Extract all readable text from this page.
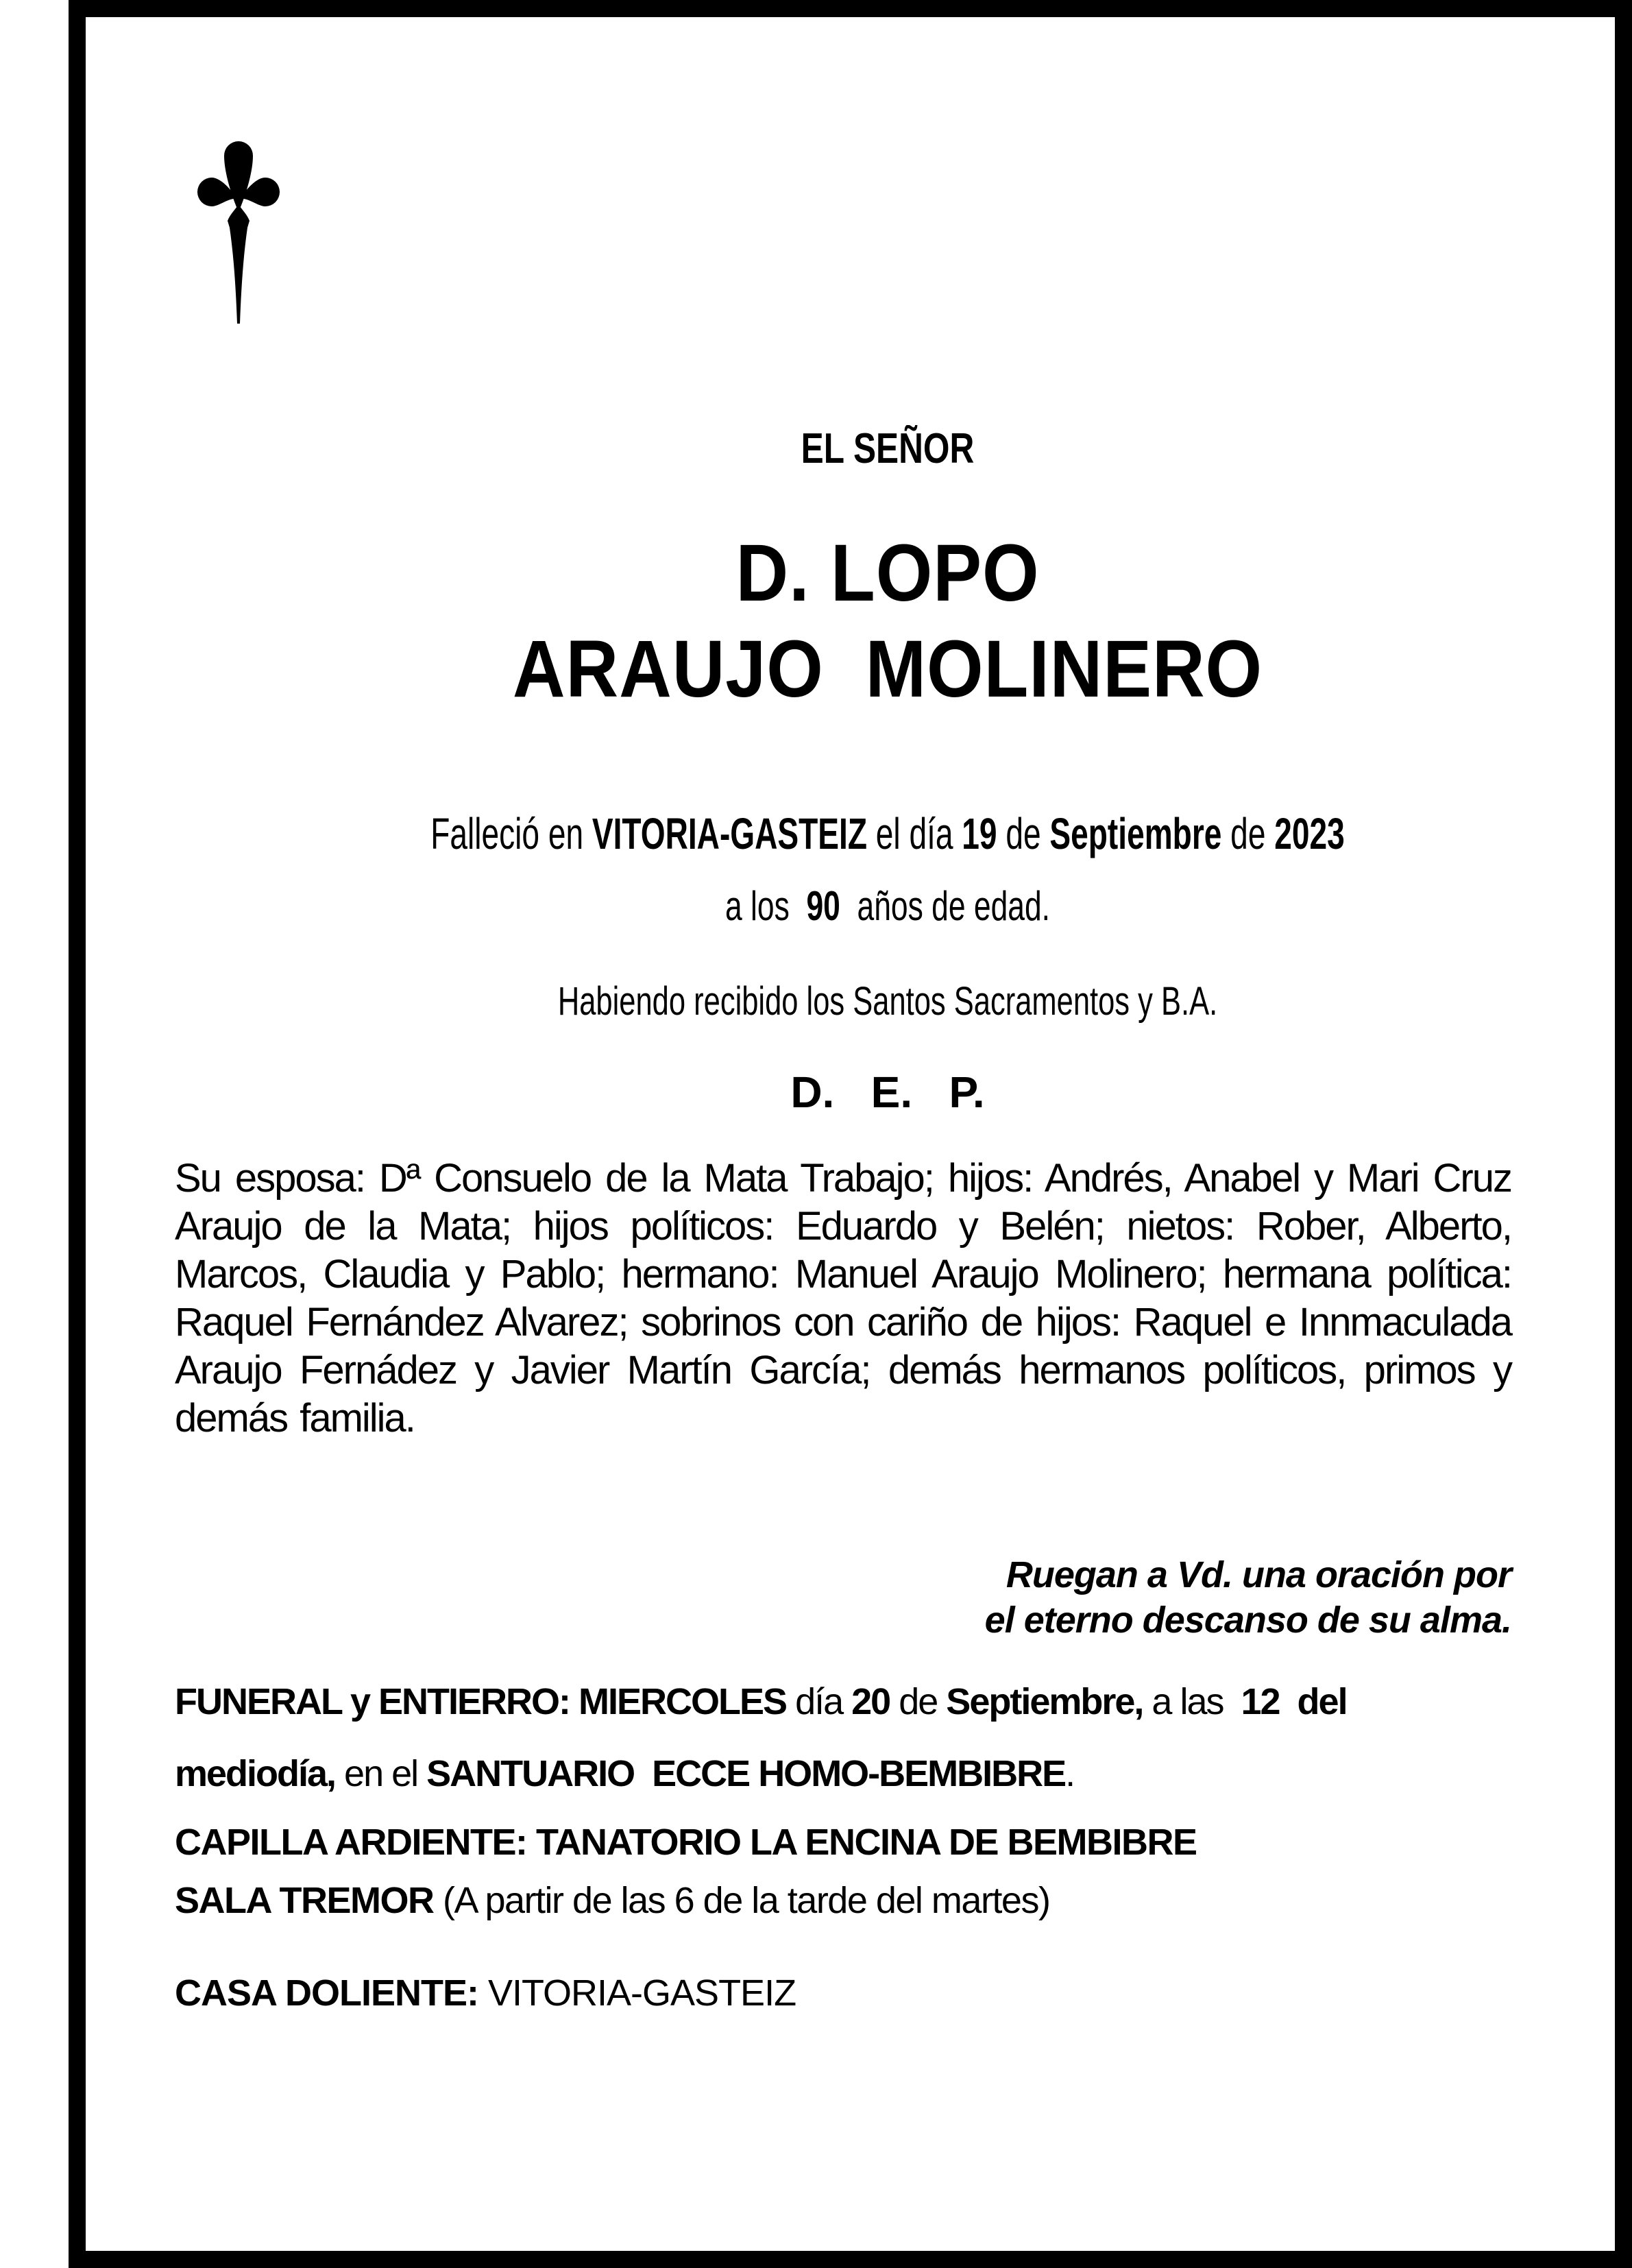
EL SEÑOR
D. LOPO
ARAUJO  MOLINERO
Falleció en VITORIA-GASTEIZ el día 19 de Septiembre de 2023
a los  90  años de edad.
Habiendo recibido los Santos Sacramentos y B.A.
D.   E.   P.
Su esposa: Dª Consuelo de la Mata Trabajo; hijos: Andrés, Anabel y Mari Cruz Araujo de la Mata; hijos políticos: Eduardo y Belén; nietos: Rober, Alberto, Marcos, Claudia y Pablo; hermano: Manuel Araujo Molinero; hermana política: Raquel Fernández Alvarez; sobrinos con cariño de hijos: Raquel e Innmaculada Araujo Fernádez y Javier Martín García; demás hermanos políticos, primos y demás familia.
Ruegan a Vd. una oración por
el eterno descanso de su alma.
FUNERAL y ENTIERRO: MIERCOLES día 20 de Septiembre, a las  12  del
mediodía, en el SANTUARIO  ECCE HOMO-BEMBIBRE.
CAPILLA ARDIENTE: TANATORIO LA ENCINA DE BEMBIBRE
SALA TREMOR (A partir de las 6 de la tarde del martes)
CASA DOLIENTE: VITORIA-GASTEIZ
